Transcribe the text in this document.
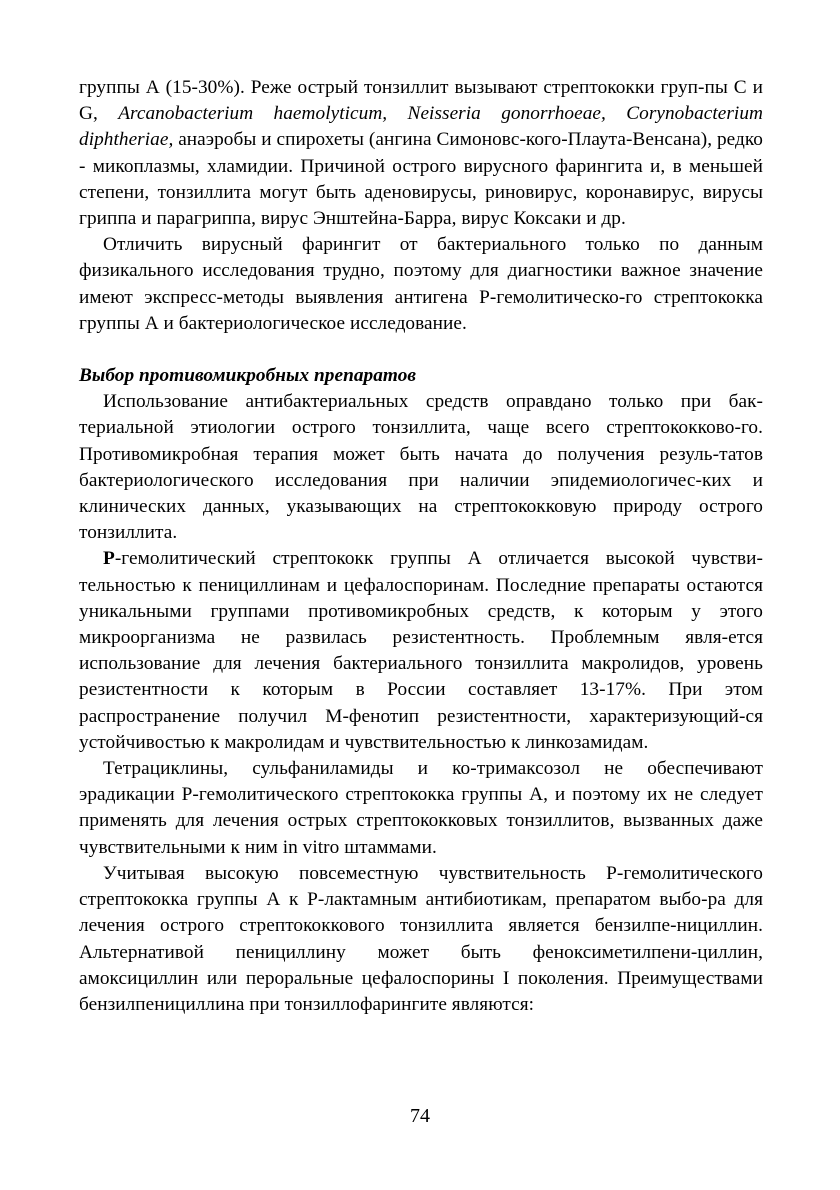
группы А (15-30%). Реже острый тонзиллит вызывают стрептококки груп-пы С и G, Arcanobacterium haemolyticum, Neisseria gonorrhoeae, Corynobacterium diphtheriae, анаэробы и спирохеты (ангина Симоновс-кого-Плаута-Венсана), редко - микоплазмы, хламидии. Причиной острого вирусного фарингита и, в меньшей степени, тонзиллита могут быть аденовирусы, риновирус, коронавирус, вирусы гриппа и парагриппа, вирус Энштейна-Барра, вирус Коксаки и др.

Отличить вирусный фарингит от бактериального только по данным физикального исследования трудно, поэтому для диагностики важное значение имеют экспресс-методы выявления антигена Р-гемолитическо-го стрептококка группы А и бактериологическое исследование.

Выбор противомикробных препаратов

Использование антибактериальных средств оправдано только при бак-териальной этиологии острого тонзиллита, чаще всего стрептококково-го. Противомикробная терапия может быть начата до получения резуль-татов бактериологического исследования при наличии эпидемиологичес-ких и клинических данных, указывающих на стрептококковую природу острого тонзиллита.

Р-гемолитический стрептококк группы А отличается высокой чувстви-тельностью к пенициллинам и цефалоспоринам. Последние препараты остаются уникальными группами противомикробных средств, к которым у этого микроорганизма не развилась резистентность. Проблемным явля-ется использование для лечения бактериального тонзиллита макролидов, уровень резистентности к которым в России составляет 13-17%. При этом распространение получил М-фенотип резистентности, характеризующий-ся устойчивостью к макролидам и чувствительностью к линкозамидам.

Тетрациклины, сульфаниламиды и ко-тримаксозол не обеспечивают эрадикации Р-гемолитического стрептококка группы А, и поэтому их не следует применять для лечения острых стрептококковых тонзиллитов, вызванных даже чувствительными к ним in vitro штаммами.

Учитывая высокую повсеместную чувствительность Р-гемолитического стрептококка группы А к Р-лактамным антибиотикам, препаратом выбо-ра для лечения острого стрептококкового тонзиллита является бензилпе-нициллин. Альтернативой пенициллину может быть феноксиметилпени-циллин, амоксициллин или пероральные цефалоспорины I поколения. Преимуществами бензилпенициллина при тонзиллофарингите являются:

74
